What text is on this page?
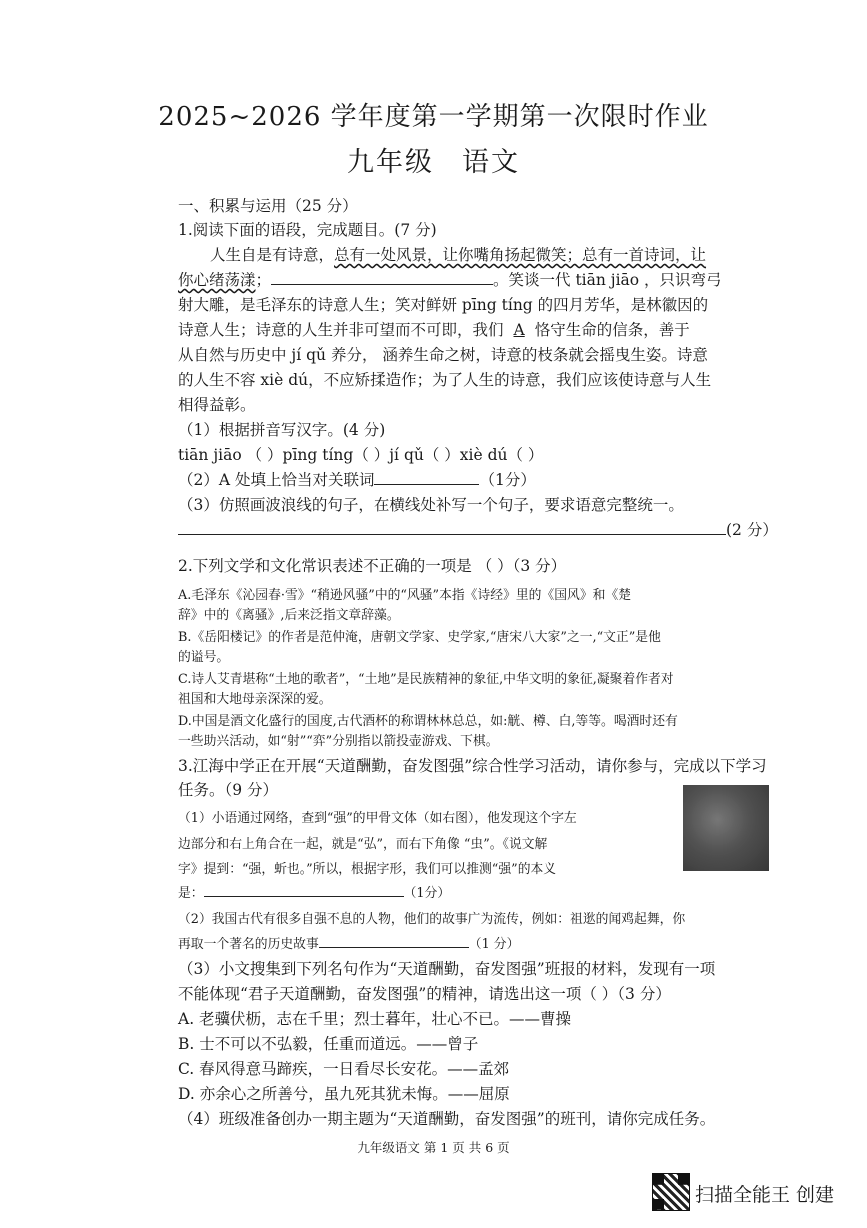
2025~2026 学年度第一学期第一次限时作业
九年级 语文
一、积累与运用（25 分）
1.阅读下面的语段，完成题目。(7 分)
人生自是有诗意，总有一处风景，让你嘴角扬起微笑；总有一首诗词，让
你心绪荡漾；	。笑谈一代 tiān jiāo ，只识弯弓
射大雕，是毛泽东的诗意人生；笑对鲜妍 pīng tíng 的四月芳华，是林徽因的
诗意人生；诗意的人生并非可望而不可即，我们 A 恪守生命的信条，善于
从自然与历史中 jí qǔ 养分， 涵养生命之树，诗意的枝条就会摇曳生姿。诗意
的人生不容 xiè dú，不应矫揉造作；为了人生的诗意，我们应该使诗意与人生
相得益彰。
（1）根据拼音写汉字。(4 分)
tiān jiāo （ ）pīng tíng（ ）jí qǔ（ ）xiè dú（ ）
（2）A 处填上恰当对关联词	（1分）
（3）仿照画波浪线的句子，在横线处补写一个句子，要求语意完整统一。
(2 分）
2.下列文学和文化常识表述不正确的一项是 （ ）（3 分）
A.毛泽东《沁园春·雪》“稍逊风骚”中的“风骚”本指《诗经》里的《国风》和《楚
辞》中的《离骚》,后来泛指文章辞藻。
B.《岳阳楼记》的作者是范仲淹，唐朝文学家、史学家,“唐宋八大家”之一,“文正”是他
的谥号。
C.诗人艾青堪称“土地的歌者”，“土地”是民族精神的象征,中华文明的象征,凝聚着作者对
祖国和大地母亲深深的爱。
D.中国是酒文化盛行的国度,古代酒杯的称谓林林总总，如:觥、樽、白,等等。喝酒时还有
一些助兴活动，如“射”“弈”分别指以箭投壶游戏、下棋。
3.江海中学正在开展“天道酬勤，奋发图强”综合性学习活动，请你参与，完成以下学习
任务。（9 分）
（1）小语通过网络，查到“强”的甲骨文体（如右图），他发现这个字左
边部分和右上角合在一起，就是“弘”，而右下角像 “虫”。《说文解
字》提到：“强，蚚也。”所以，根据字形，我们可以推测“强”的本义
是：	（1分）
（2）我国古代有很多自强不息的人物，他们的故事广为流传，例如：祖逖的闻鸡起舞，你
再取一个著名的历史故事	（1 分）
（3）小文搜集到下列名句作为“天道酬勤，奋发图强”班报的材料，发现有一项
不能体现“君子天道酬勤，奋发图强”的精神，请选出这一项（ ）（3 分）
A. 老骥伏枥，志在千里；烈士暮年，壮心不已。——曹操
B. 士不可以不弘毅，任重而道远。——曾子
C. 春风得意马蹄疾，一日看尽长安花。——孟郊
D. 亦余心之所善兮，虽九死其犹未悔。——屈原
（4）班级准备创办一期主题为“天道酬勤，奋发图强”的班刊，请你完成任务。
九年级语文 第 1 页 共 6 页
扫描全能王 创建
